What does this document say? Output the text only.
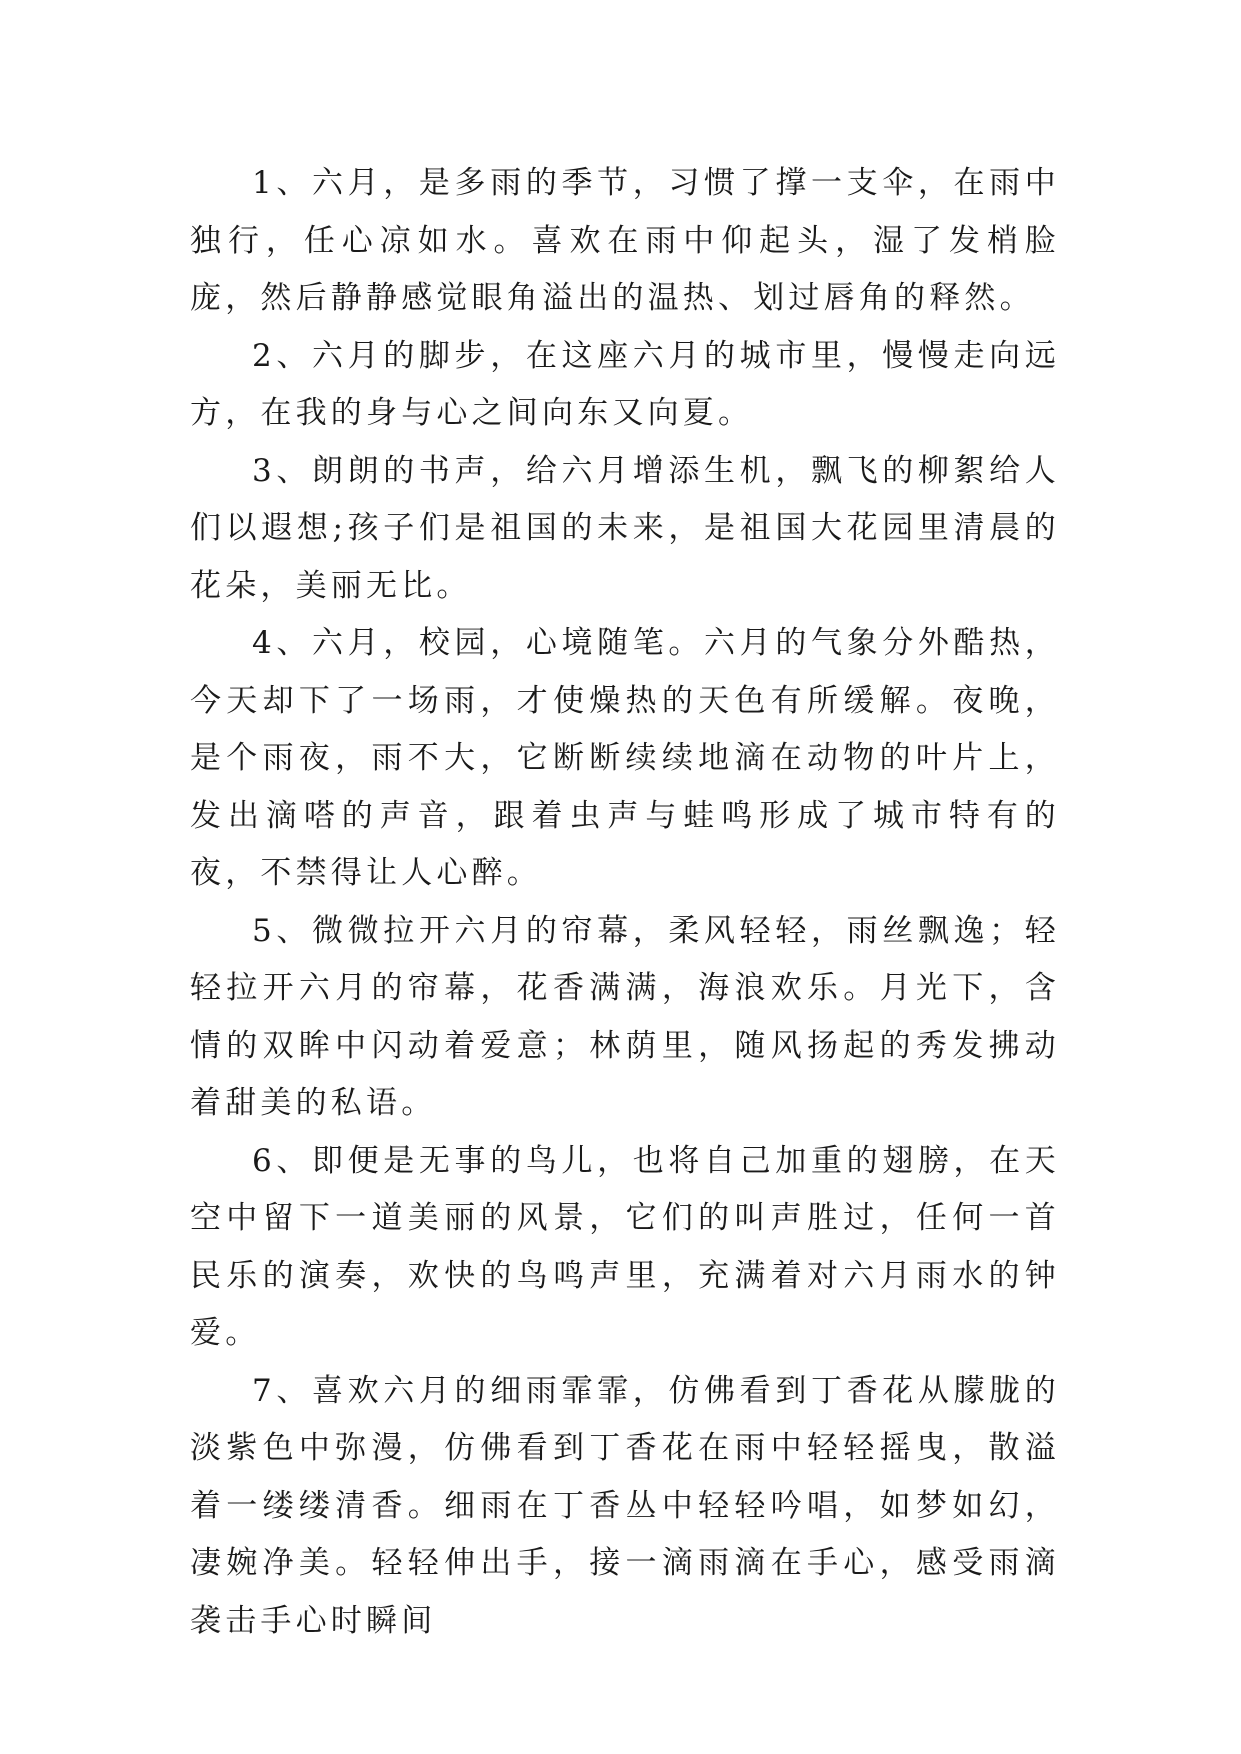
1、六月，是多雨的季节，习惯了撑一支伞，在雨中独行，任心凉如水。喜欢在雨中仰起头，湿了发梢脸庞，然后静静感觉眼角溢出的温热、划过唇角的释然。

2、六月的脚步，在这座六月的城市里，慢慢走向远方，在我的身与心之间向东又向夏。

3、朗朗的书声，给六月增添生机，飘飞的柳絮给人们以遐想;孩子们是祖国的未来，是祖国大花园里清晨的花朵，美丽无比。

4、六月，校园，心境随笔。六月的气象分外酷热，今天却下了一场雨，才使燥热的天色有所缓解。夜晚，是个雨夜，雨不大，它断断续续地滴在动物的叶片上，发出滴嗒的声音，跟着虫声与蛙鸣形成了城市特有的夜，不禁得让人心醉。

5、微微拉开六月的帘幕，柔风轻轻，雨丝飘逸；轻轻拉开六月的帘幕，花香满满，海浪欢乐。月光下，含情的双眸中闪动着爱意；林荫里，随风扬起的秀发拂动着甜美的私语。

6、即便是无事的鸟儿，也将自己加重的翅膀，在天空中留下一道美丽的风景，它们的叫声胜过，任何一首民乐的演奏，欢快的鸟鸣声里，充满着对六月雨水的钟爱。

7、喜欢六月的细雨霏霏，仿佛看到丁香花从朦胧的淡紫色中弥漫，仿佛看到丁香花在雨中轻轻摇曳，散溢着一缕缕清香。细雨在丁香丛中轻轻吟唱，如梦如幻，凄婉净美。轻轻伸出手，接一滴雨滴在手心，感受雨滴袭击手心时瞬间
